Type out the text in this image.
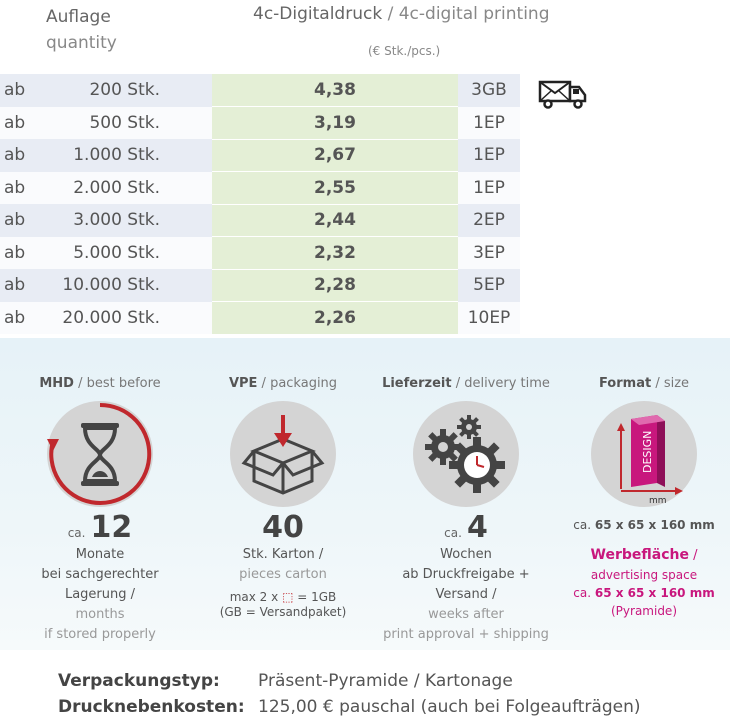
Auflage
quantity
4c-Digitaldruck / 4c-digital printing
(€ Stk./pcs.)
ab	200 Stk.	4,38	3GB
ab	500 Stk.	3,19	1EP
ab	1.000 Stk.	2,67	1EP
ab	2.000 Stk.	2,55	1EP
ab	3.000 Stk.	2,44	2EP
ab	5.000 Stk.	2,32	3EP
ab	10.000 Stk.	2,28	5EP
ab	20.000 Stk.	2,26	10EP
MHD / best before
ca. 12
Monate
bei sachgerechter Lagerung /
months
if stored properly
VPE / packaging
40
Stk. Karton /
pieces carton
max 2 x ⬚ = 1GB
(GB = Versandpaket)
Lieferzeit / delivery time
ca. 4
Wochen
ab Druckfreigabe + Versand /
weeks after
print approval + shipping
Format / size
DESIGN
mm
ca. 65 x 65 x 160 mm
Werbefläche /
advertising space
ca. 65 x 65 x 160 mm
(Pyramide)
Verpackungstyp: Präsent-Pyramide / Kartonage
Drucknebenkosten: 125,00 € pauschal (auch bei Folgeaufträgen)
